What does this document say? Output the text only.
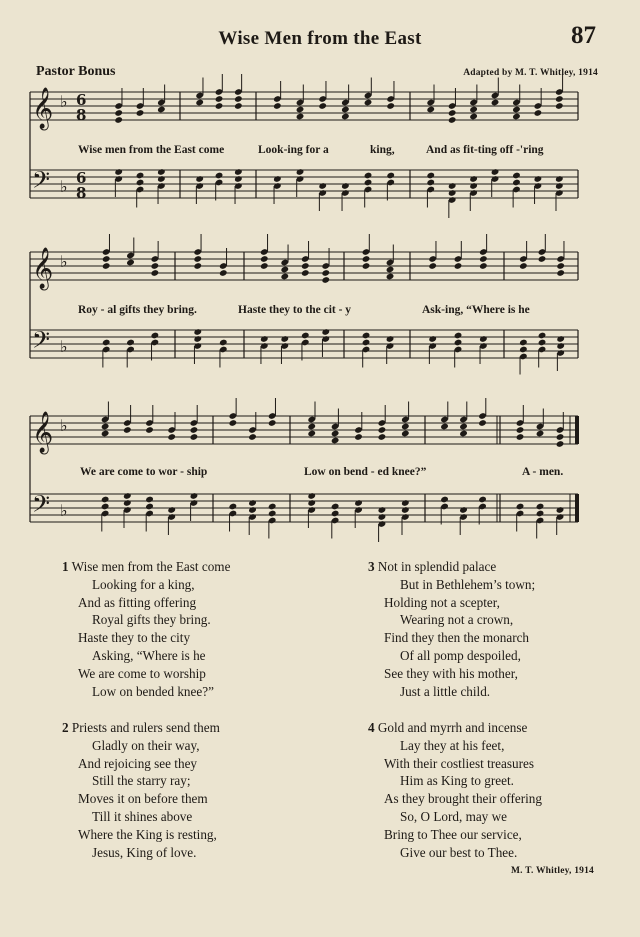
Wise Men from the East	87
Pastor Bonus	Adapted by M. T. Whitley, 1914
𝄞 ♭ 6
8
𝄢 ♭ 6
8
Wise men from the East come	Look-ing for a	king,	And as fit-ting off -'ring
𝄞 ♭
𝄢 ♭
Roy - al gifts they bring.	Haste they to the cit - y	Ask-ing, “Where is he
𝄞 ♭
𝄢 ♭
We are come to wor - ship	Low on bend - ed knee?”	A - men.
1 Wise men from the East come
Looking for a king,
And as fitting offering
Royal gifts they bring.
Haste they to the city
Asking, “Where is he
We are come to worship
Low on bended knee?”
2 Priests and rulers send them
Gladly on their way,
And rejoicing see they
Still the starry ray;
Moves it on before them
Till it shines above
Where the King is resting,
Jesus, King of love.
3 Not in splendid palace
But in Bethlehem’s town;
Holding not a scepter,
Wearing not a crown,
Find they then the monarch
Of all pomp despoiled,
See they with his mother,
Just a little child.
4 Gold and myrrh and incense
Lay they at his feet,
With their costliest treasures
Him as King to greet.
As they brought their offering
So, O Lord, may we
Bring to Thee our service,
Give our best to Thee.
M. T. Whitley, 1914
